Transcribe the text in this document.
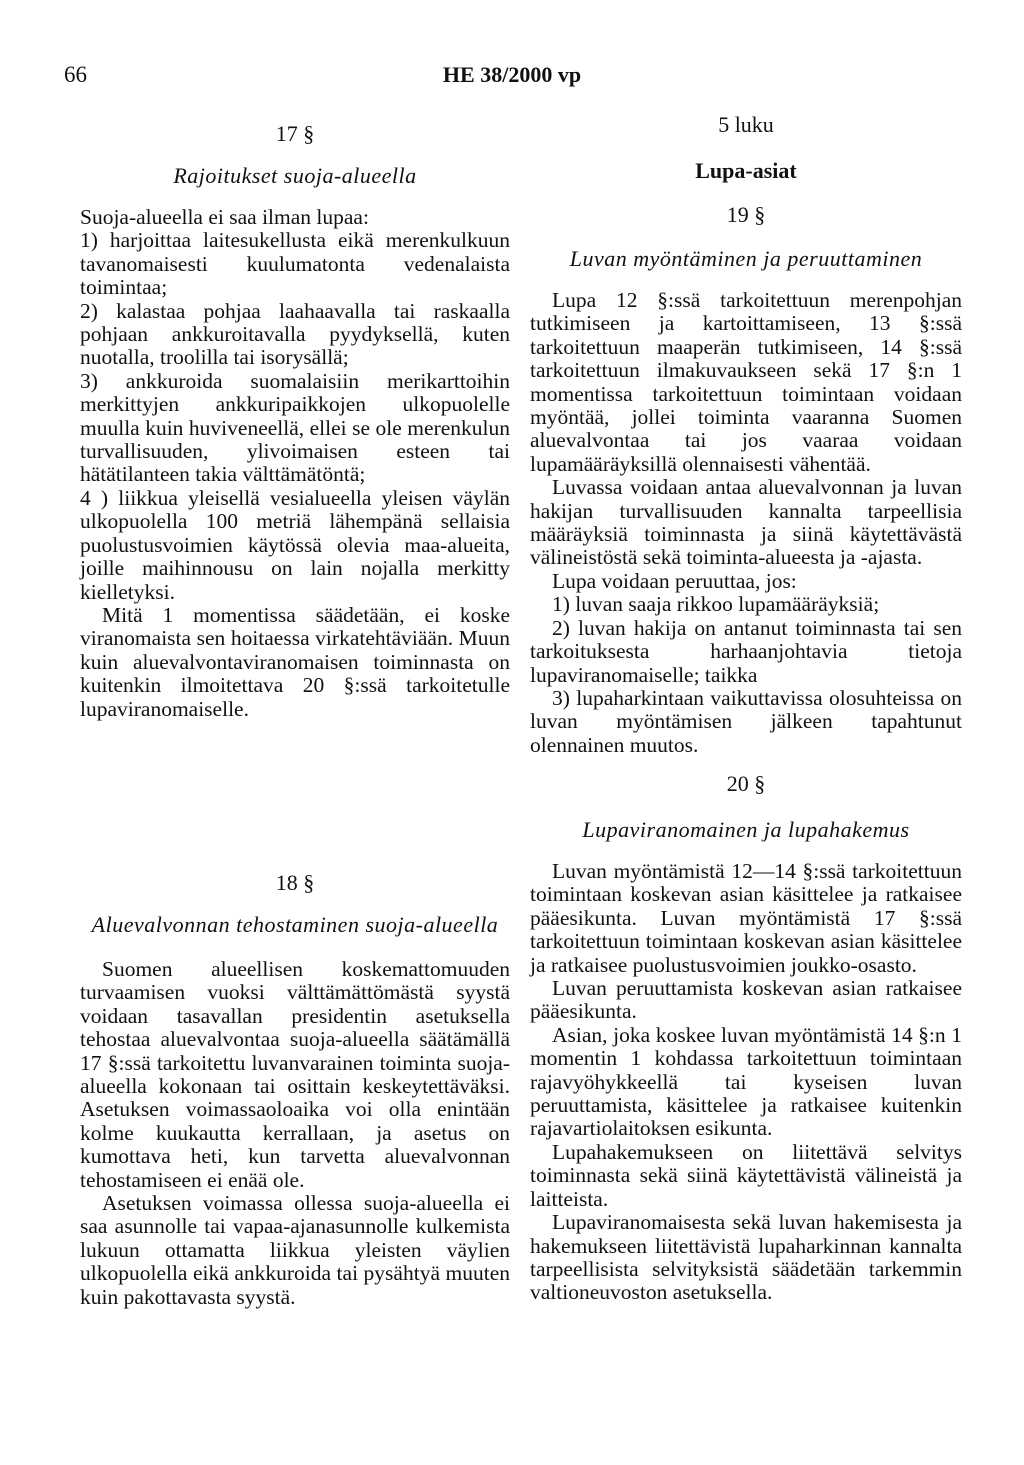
66	HE 38/2000 vp
17 §
Rajoitukset suoja-alueella

Suoja-alueella ei saa ilman lupaa:

1) harjoittaa laitesukellusta eikä merenkulkuun tavanomaisesti kuulumatonta vedenalaista toimintaa;

2) kalastaa pohjaa laahaavalla tai raskaalla pohjaan ankkuroitavalla pyydyksellä, kuten nuotalla, troolilla tai isorysällä;

3) ankkuroida suomalaisiin merikarttoihin merkittyjen ankkuripaikkojen ulkopuolelle muulla kuin huviveneellä, ellei se ole merenkulun turvallisuuden, ylivoimaisen esteen tai hätätilanteen takia välttämätöntä;

4 ) liikkua yleisellä vesialueella yleisen väylän ulkopuolella 100 metriä lähempänä sellaisia puolustusvoimien käytössä olevia maa-alueita, joille maihinnousu on lain nojalla merkitty kielletyksi.

Mitä 1 momentissa säädetään, ei koske viranomaista sen hoitaessa virkatehtäviään. Muun kuin aluevalvontaviranomaisen toiminnasta on kuitenkin ilmoitettava 20 §:ssä tarkoitetulle lupaviranomaiselle.

18 §
Aluevalvonnan tehostaminen suoja-alueella

Suomen alueellisen koskemattomuuden turvaamisen vuoksi välttämättömästä syystä voidaan tasavallan presidentin asetuksella tehostaa aluevalvontaa suoja-alueella säätämällä 17 §:ssä tarkoitettu luvanvarainen toiminta suoja-alueella kokonaan tai osittain keskeytettäväksi. Asetuksen voimassaoloaika voi olla enintään kolme kuukautta kerrallaan, ja asetus on kumottava heti, kun tarvetta aluevalvonnan tehostamiseen ei enää ole.

Asetuksen voimassa ollessa suoja-alueella ei saa asunnolle tai vapaa-ajanasunnolle kulkemista lukuun ottamatta liikkua yleisten väylien ulkopuolella eikä ankkuroida tai pysähtyä muuten kuin pakottavasta syystä.

5 luku
Lupa-asiat
19 §
Luvan myöntäminen ja peruuttaminen

Lupa 12 §:ssä tarkoitettuun merenpohjan tutkimiseen ja kartoittamiseen, 13 §:ssä tarkoitettuun maaperän tutkimiseen, 14 §:ssä tarkoitettuun ilmakuvaukseen sekä 17 §:n 1 momentissa tarkoitettuun toimintaan voidaan myöntää, jollei toiminta vaaranna Suomen aluevalvontaa tai jos vaaraa voidaan lupamääräyksillä olennaisesti vähentää.

Luvassa voidaan antaa aluevalvonnan ja luvan hakijan turvallisuuden kannalta tarpeellisia määräyksiä toiminnasta ja siinä käytettävästä välineistöstä sekä toiminta-alueesta ja -ajasta.

Lupa voidaan peruuttaa, jos:

1) luvan saaja rikkoo lupamääräyksiä;

2) luvan hakija on antanut toiminnasta tai sen tarkoituksesta harhaanjohtavia tietoja lupaviranomaiselle; taikka

3) lupaharkintaan vaikuttavissa olosuhteissa on luvan myöntämisen jälkeen tapahtunut olennainen muutos.

20 §
Lupaviranomainen ja lupahakemus

Luvan myöntämistä 12—14 §:ssä tarkoitettuun toimintaan koskevan asian käsittelee ja ratkaisee pääesikunta. Luvan myöntämistä 17 §:ssä tarkoitettuun toimintaan koskevan asian käsittelee ja ratkaisee puolustusvoimien joukko-osasto.

Luvan peruuttamista koskevan asian ratkaisee pääesikunta.

Asian, joka koskee luvan myöntämistä 14 §:n 1 momentin 1 kohdassa tarkoitettuun toimintaan rajavyöhykkeellä tai kyseisen luvan peruuttamista, käsittelee ja ratkaisee kuitenkin rajavartiolaitoksen esikunta.

Lupahakemukseen on liitettävä selvitys toiminnasta sekä siinä käytettävistä välineistä ja laitteista.

Lupaviranomaisesta sekä luvan hakemisesta ja hakemukseen liitettävistä lupaharkinnan kannalta tarpeellisista selvityksistä säädetään tarkemmin valtioneuvoston asetuksella.
